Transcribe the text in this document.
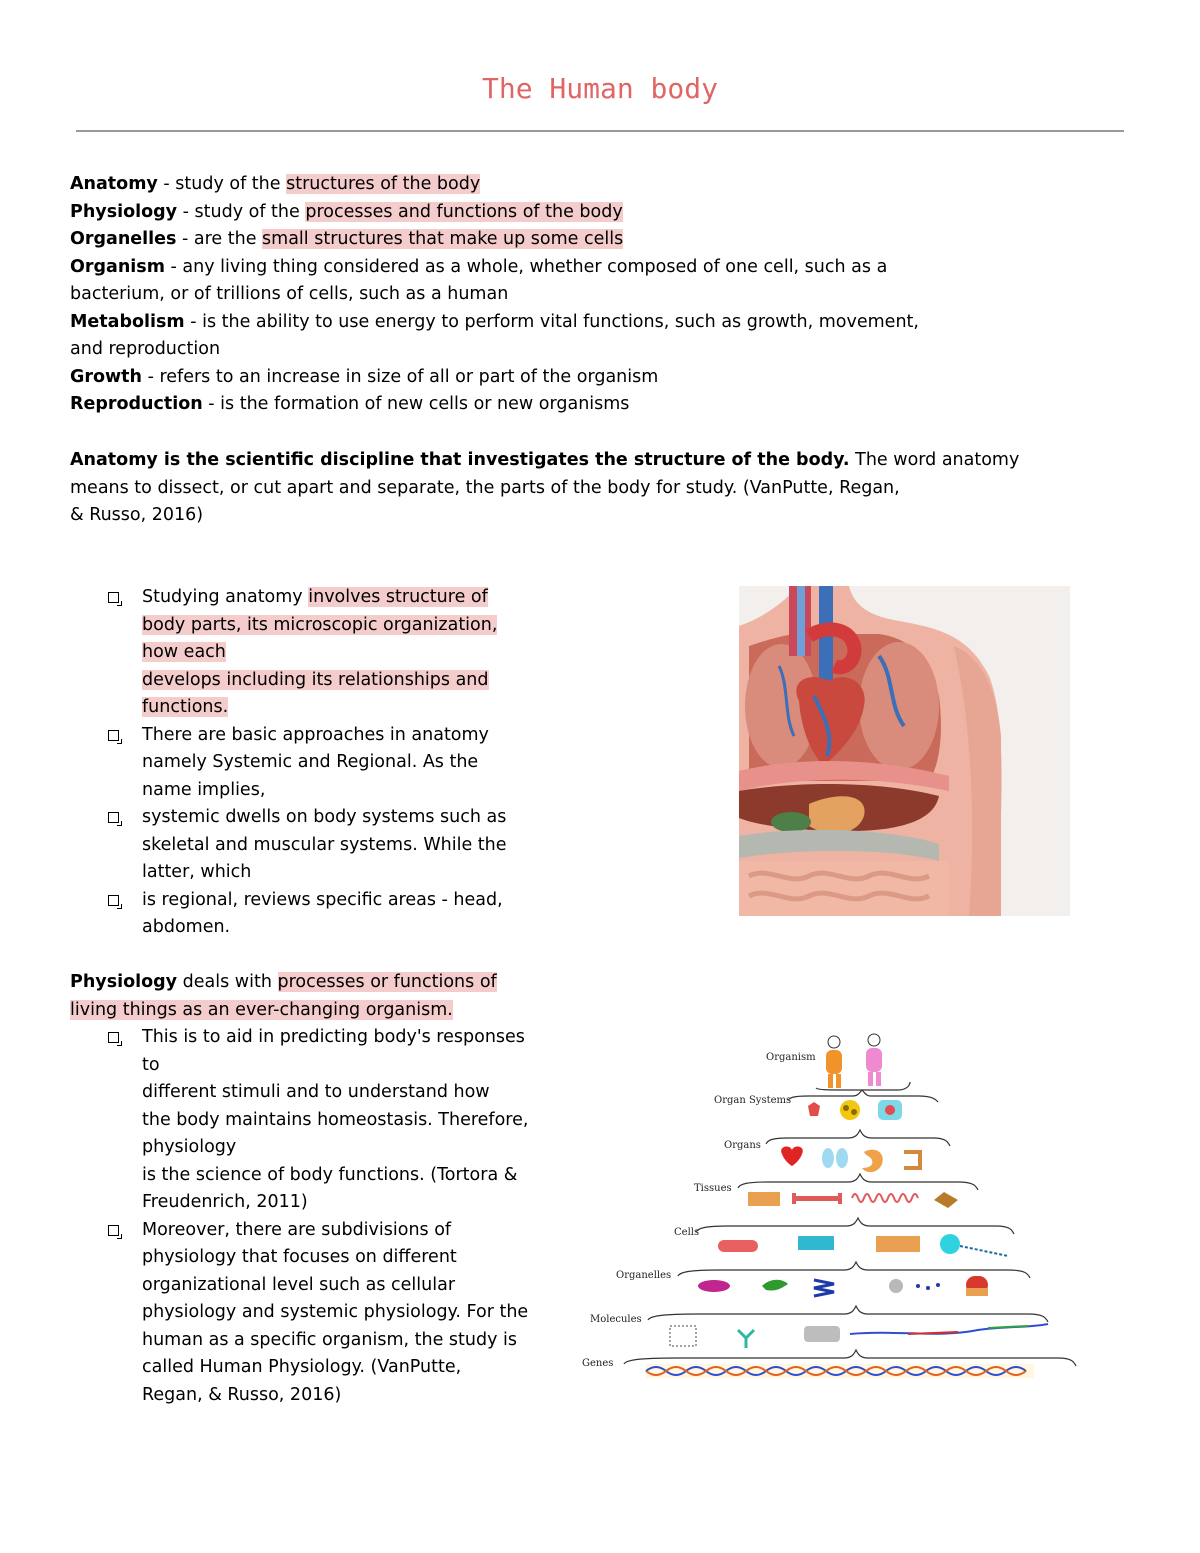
The Human body
Anatomy - study of the structures of the body
Physiology - study of the processes and functions of the body
Organelles - are the small structures that make up some cells
Organism - any living thing considered as a whole, whether composed of one cell, such as a
bacterium, or of trillions of cells, such as a human
Metabolism - is the ability to use energy to perform vital functions, such as growth, movement,
and reproduction
Growth - refers to an increase in size of all or part of the organism
Reproduction - is the formation of new cells or new organisms
Anatomy is the scientific discipline that investigates the structure of the body. The word anatomy
means to dissect, or cut apart and separate, the parts of the body for study. (VanPutte, Regan,
& Russo, 2016)
Studying anatomy involves structure of
body parts, its microscopic organization,
how each
develops including its relationships and
functions.
There are basic approaches in anatomy
namely Systemic and Regional. As the
name implies,
systemic dwells on body systems such as
skeletal and muscular systems. While the
latter, which
is regional, reviews specific areas - head,
abdomen.
Physiology deals with processes or functions of
living things as an ever-changing organism.
This is to aid in predicting body's responses
to
different stimuli and to understand how
the body maintains homeostasis. Therefore,
physiology
is the science of body functions. (Tortora &
Freudenrich, 2011)
Moreover, there are subdivisions of
physiology that focuses on different
organizational level such as cellular
physiology and systemic physiology. For the
human as a specific organism, the study is
called Human Physiology. (VanPutte,
Regan, & Russo, 2016)
Organism
Organ Systems
Organs
Tissues
Cells
Organelles
Molecules
Genes
